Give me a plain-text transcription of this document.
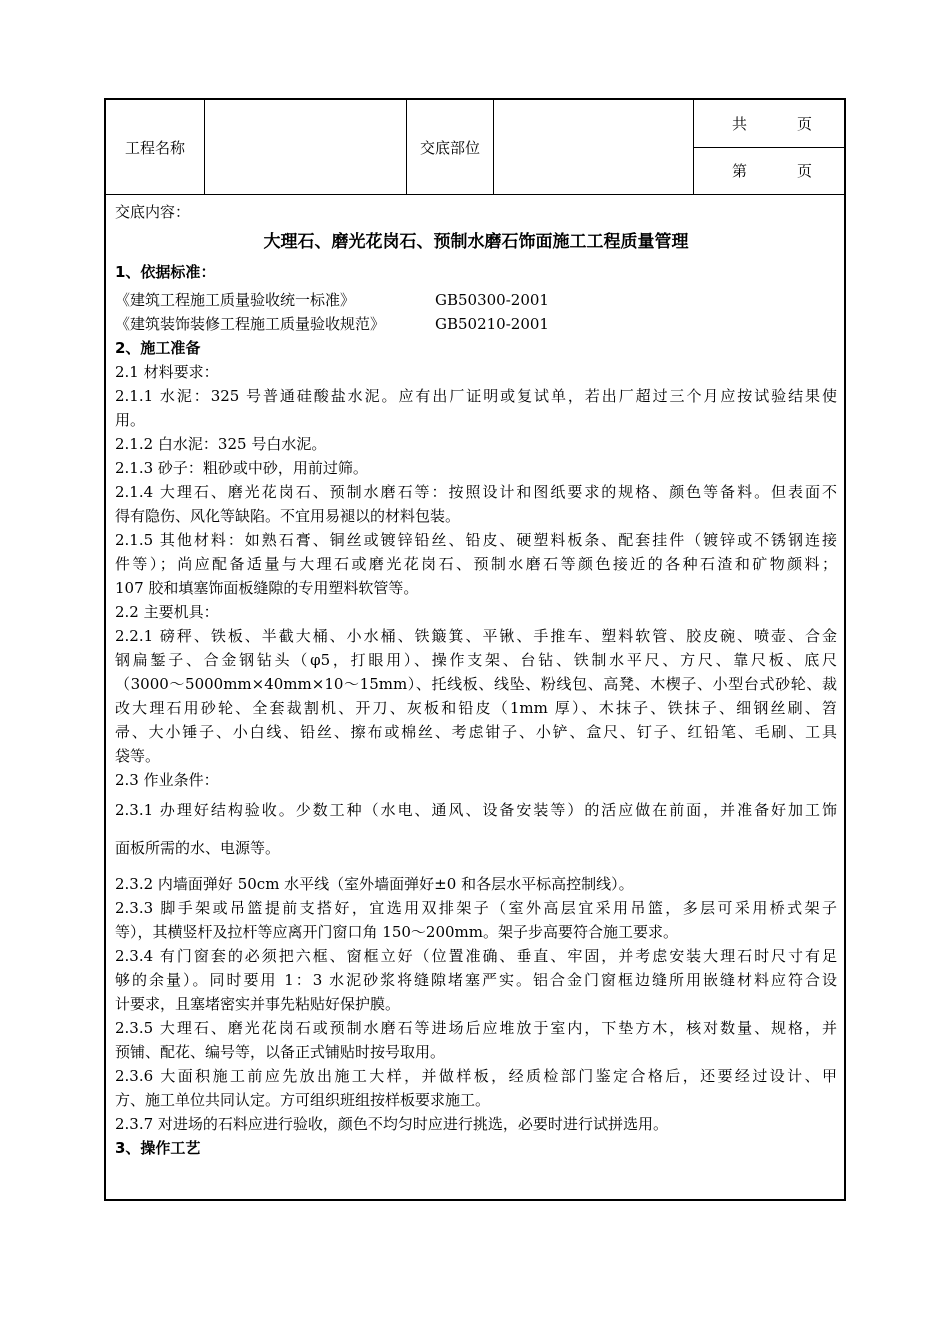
工程名称	交底部位
共	页
第	页
交底内容：
大理石、磨光花岗石、预制水磨石饰面施工工程质量管理
1、依据标准：
《建筑工程施工质量验收统一标准》	GB50300-2001
《建筑装饰装修工程施工质量验收规范》	GB50210-2001
2、施工准备
2.1 材料要求：
2.1.1 水泥：325 号普通硅酸盐水泥。应有出厂证明或复试单，若出厂超过三个月应按试验结果使
用。
2.1.2 白水泥：325 号白水泥。
2.1.3 砂子：粗砂或中砂，用前过筛。
2.1.4 大理石、磨光花岗石、预制水磨石等：按照设计和图纸要求的规格、颜色等备料。但表面不
得有隐伤、风化等缺陷。不宜用易褪以的材料包装。
2.1.5 其他材料：如熟石膏、铜丝或镀锌铅丝、铅皮、硬塑料板条、配套挂件（镀锌或不锈钢连接
件等）；尚应配备适量与大理石或磨光花岗石、预制水磨石等颜色接近的各种石渣和矿物颜料；
107 胶和填塞饰面板缝隙的专用塑料软管等。
2.2 主要机具：
2.2.1 磅秤、铁板、半截大桶、小水桶、铁簸箕、平锹、手推车、塑料软管、胶皮碗、喷壶、合金
钢扁錾子、合金钢钻头（φ5，打眼用）、操作支架、台钻、铁制水平尺、方尺、靠尺板、底尺
（3000～5000mm×40mm×10～15mm）、托线板、线坠、粉线包、高凳、木楔子、小型台式砂轮、裁
改大理石用砂轮、全套裁割机、开刀、灰板和铅皮（1mm 厚）、木抹子、铁抹子、细钢丝刷、笤
帚、大小锤子、小白线、铅丝、擦布或棉丝、考虑钳子、小铲、盒尺、钉子、红铅笔、毛刷、工具
袋等。
2.3 作业条件：
2.3.1 办理好结构验收。少数工种（水电、通风、设备安装等）的活应做在前面，并准备好加工饰
面板所需的水、电源等。
2.3.2 内墙面弹好 50cm 水平线（室外墙面弹好±0 和各层水平标高控制线）。
2.3.3 脚手架或吊篮提前支搭好，宜选用双排架子（室外高层宜采用吊篮，多层可采用桥式架子
等），其横竖杆及拉杆等应离开门窗口角 150～200mm。架子步高要符合施工要求。
2.3.4 有门窗套的必须把六框、窗框立好（位置准确、垂直、牢固，并考虑安装大理石时尺寸有足
够的余量）。同时要用 1：3 水泥砂浆将缝隙堵塞严实。铝合金门窗框边缝所用嵌缝材料应符合设
计要求，且塞堵密实并事先粘贴好保护膜。
2.3.5 大理石、磨光花岗石或预制水磨石等进场后应堆放于室内，下垫方木，核对数量、规格，并
预铺、配花、编号等，以备正式铺贴时按号取用。
2.3.6 大面积施工前应先放出施工大样，并做样板，经质检部门鉴定合格后，还要经过设计、甲
方、施工单位共同认定。方可组织班组按样板要求施工。
2.3.7 对进场的石料应进行验收，颜色不均匀时应进行挑选，必要时进行试拼选用。
3、操作工艺
